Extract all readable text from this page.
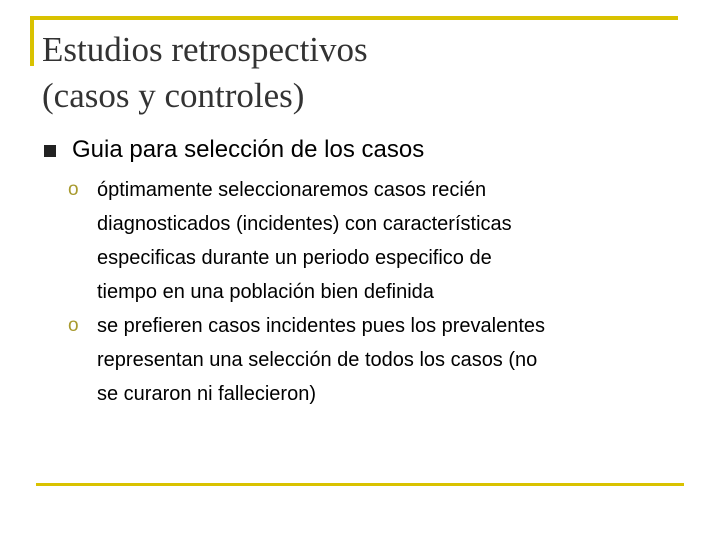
Estudios retrospectivos
(casos y controles)

Guia para selección de los casos

o óptimamente seleccionaremos casos recién
diagnosticados (incidentes) con características
especificas durante un periodo especifico de
tiempo en una población bien definida

o se prefieren casos incidentes pues los prevalentes
representan una selección de todos los casos (no
se curaron ni fallecieron)
